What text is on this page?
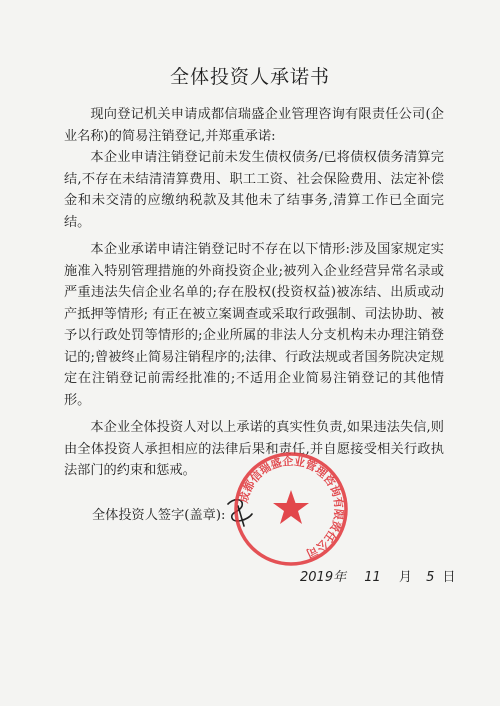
全体投资人承诺书

现向登记机关申请成都信瑞盛企业管理咨询有限责任公司(企业名称)的简易注销登记,并郑重承诺:

本企业申请注销登记前未发生债权债务/已将债权债务清算完结,不存在未结清清算费用、职工工资、社会保险费用、法定补偿金和未交清的应缴纳税款及其他未了结事务,清算工作已全面完结。

本企业承诺申请注销登记时不存在以下情形:涉及国家规定实施准入特别管理措施的外商投资企业;被列入企业经营异常名录或严重违法失信企业名单的;存在股权(投资权益)被冻结、出质或动产抵押等情形; 有正在被立案调查或采取行政强制、司法协助、被予以行政处罚等情形的;企业所属的非法人分支机构未办理注销登记的;曾被终止简易注销程序的;法律、行政法规或者国务院决定规定在注销登记前需经批准的;不适用企业简易注销登记的其他情形。

本企业全体投资人对以上承诺的真实性负责,如果违法失信,则由全体投资人承担相应的法律后果和责任,并自愿接受相关行政执法部门的约束和惩戒。

全体投资人签字(盖章):
成都信瑞盛企业管理咨询有限责任公司
2019年 11 月 5 日
